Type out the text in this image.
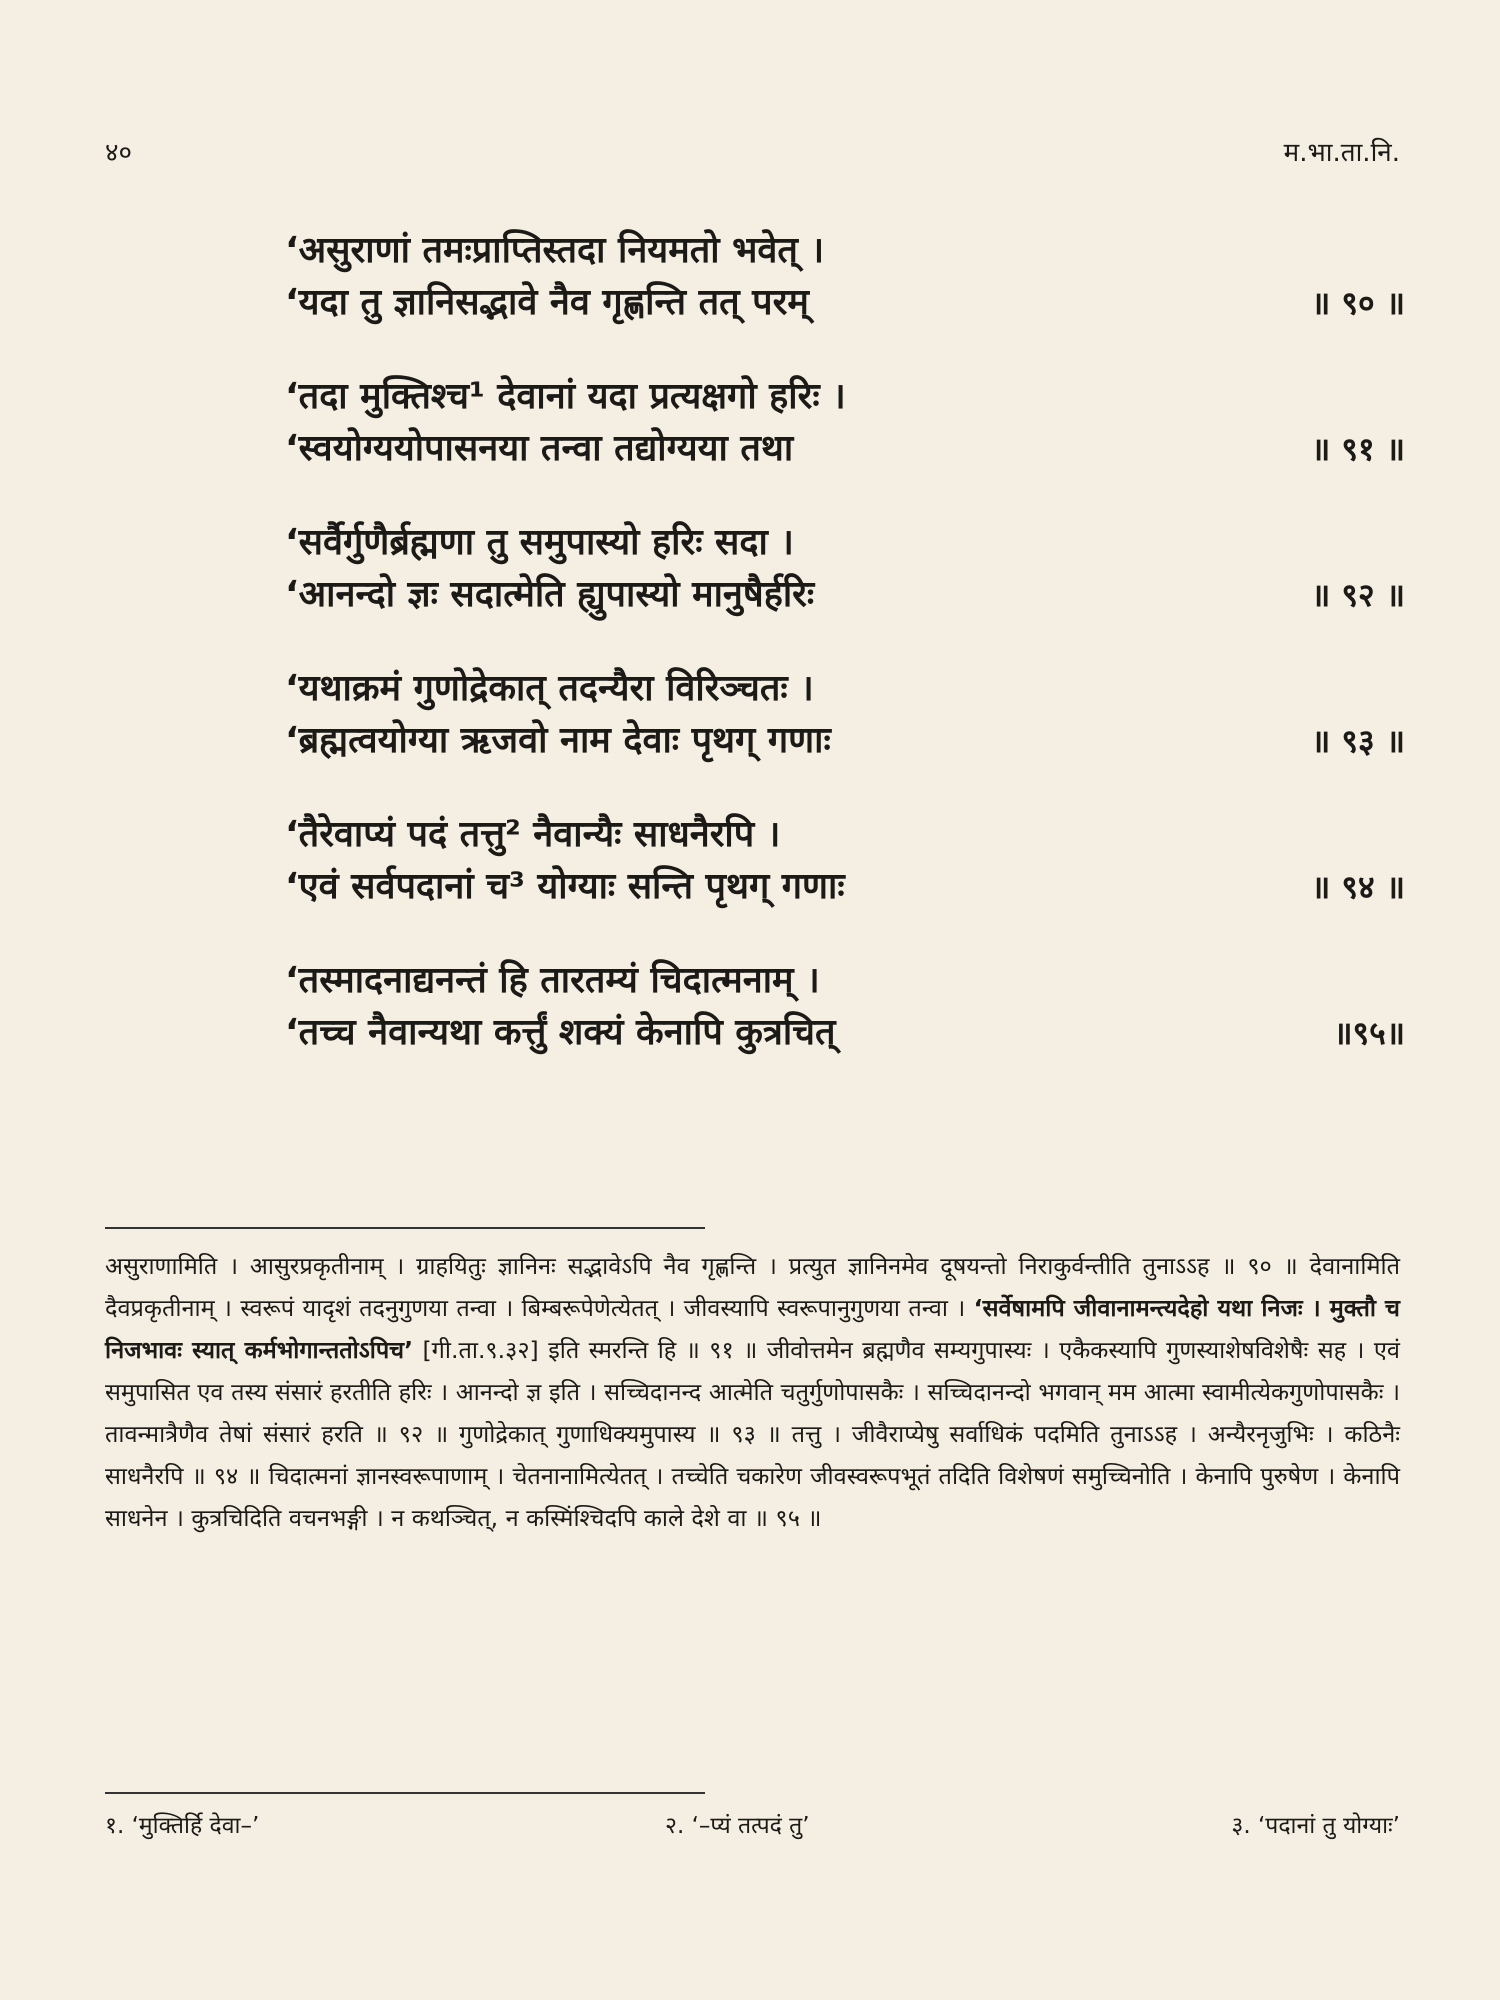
४०	म.भा.ता.नि.
‘असुराणां तमःप्राप्तिस्तदा नियमतो भवेत् ।
‘यदा तु ज्ञानिसद्भावे नैव गृह्णन्ति तत् परम्	॥ ९० ॥
‘तदा मुक्तिश्च¹ देवानां यदा प्रत्यक्षगो हरिः ।
‘स्वयोग्ययोपासनया तन्वा तद्योग्यया तथा	॥ ९१ ॥
‘सर्वैर्गुणैर्ब्रह्मणा तु समुपास्यो हरिः सदा ।
‘आनन्दो ज्ञः सदात्मेति ह्युपास्यो मानुषैर्हरिः	॥ ९२ ॥
‘यथाक्रमं गुणोद्रेकात् तदन्यैरा विरिञ्चतः ।
‘ब्रह्मत्वयोग्या ऋजवो नाम देवाः पृथग् गणाः	॥ ९३ ॥
‘तैरेवाप्यं पदं तत्तु² नैवान्यैः साधनैरपि ।
‘एवं सर्वपदानां च³ योग्याः सन्ति पृथग् गणाः	॥ ९४ ॥
‘तस्मादनाद्यनन्तं हि तारतम्यं चिदात्मनाम् ।
‘तच्च नैवान्यथा कर्त्तुं शक्यं केनापि कुत्रचित्	॥९५॥
असुराणामिति । आसुरप्रकृतीनाम् । ग्राहयितुः ज्ञानिनः सद्भावेऽपि नैव गृह्णन्ति । प्रत्युत ज्ञानिनमेव दूषयन्तो निराकुर्वन्तीति तुनाऽऽह ॥ ९० ॥ देवानामिति दैवप्रकृतीनाम् । स्वरूपं यादृशं तदनुगुणया तन्वा । बिम्बरूपेणेत्येतत् । जीवस्यापि स्वरूपानुगुणया तन्वा । ‘सर्वेषामपि जीवानामन्त्यदेहो यथा निजः । मुक्तौ च निजभावः स्यात् कर्मभोगान्ततोऽपिच’ [गी.ता.९.३२] इति स्मरन्ति हि ॥ ९१ ॥ जीवोत्तमेन ब्रह्मणैव सम्यगुपास्यः । एकैकस्यापि गुणस्याशेषविशेषैः सह । एवं समुपासित एव तस्य संसारं हरतीति हरिः । आनन्दो ज्ञ इति । सच्चिदानन्द आत्मेति चतुर्गुणोपासकैः । सच्चिदानन्दो भगवान् मम आत्मा स्वामीत्येकगुणोपासकैः । तावन्मात्रैणैव तेषां संसारं हरति ॥ ९२ ॥ गुणोद्रेकात् गुणाधिक्यमुपास्य ॥ ९३ ॥ तत्तु । जीवैराप्येषु सर्वाधिकं पदमिति तुनाऽऽह । अन्यैरनृजुभिः । कठिनैः साधनैरपि ॥ ९४ ॥ चिदात्मनां ज्ञानस्वरूपाणाम् । चेतनानामित्येतत् । तच्चेति चकारेण जीवस्वरूपभूतं तदिति विशेषणं समुच्चिनोति । केनापि पुरुषेण । केनापि साधनेन । कुत्रचिदिति वचनभङ्गी । न कथञ्चित्, न कस्मिंश्चिदपि काले देशे वा ॥ ९५ ॥
१. ‘मुक्तिर्हि देवा–’	२. ‘–प्यं तत्पदं तु’	३. ‘पदानां तु योग्याः’
